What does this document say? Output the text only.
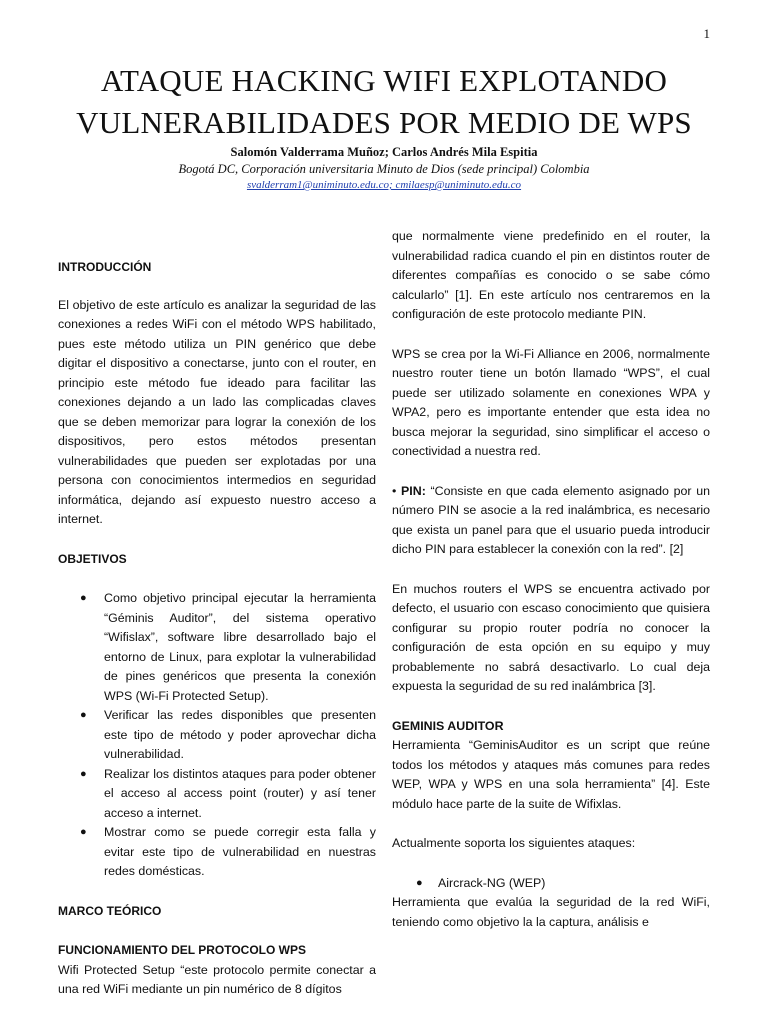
1
ATAQUE HACKING WIFI EXPLOTANDO VULNERABILIDADES POR MEDIO DE WPS
Salomón Valderrama Muñoz; Carlos Andrés Mila Espitia
Bogotá DC, Corporación universitaria Minuto de Dios (sede principal) Colombia
svalderram1@uniminuto.edu.co; cmilaesp@uniminuto.edu.co

INTRODUCCIÓN

El objetivo de este artículo es analizar la seguridad de las conexiones a redes WiFi con el método WPS habilitado, pues este método utiliza un PIN genérico que debe digitar el dispositivo a conectarse, junto con el router, en principio este método fue ideado para facilitar las conexiones dejando a un lado las complicadas claves que se deben memorizar para lograr la conexión de los dispositivos, pero estos métodos presentan vulnerabilidades que pueden ser explotadas por una persona con conocimientos intermedios en seguridad informática, dejando así expuesto nuestro acceso a internet.

OBJETIVOS

● Como objetivo principal ejecutar la herramienta “Géminis Auditor”, del sistema operativo “Wifislax”, software libre desarrollado bajo el entorno de Linux, para explotar la vulnerabilidad de pines genéricos que presenta la conexión WPS (Wi-Fi Protected Setup).
● Verificar las redes disponibles que presenten este tipo de método y poder aprovechar dicha vulnerabilidad.
● Realizar los distintos ataques para poder obtener el acceso al access point (router) y así tener acceso a internet.
● Mostrar como se puede corregir esta falla y evitar este tipo de vulnerabilidad en nuestras redes domésticas.

MARCO TEÓRICO

FUNCIONAMIENTO DEL PROTOCOLO WPS

Wifi Protected Setup “este protocolo permite conectar a una red WiFi mediante un pin numérico de 8 dígitos

que normalmente viene predefinido en el router, la vulnerabilidad radica cuando el pin en distintos router de diferentes compañías es conocido o se sabe cómo calcularlo” [1]. En este artículo nos centraremos en la configuración de este protocolo mediante PIN.

WPS se crea por la Wi-Fi Alliance en 2006, normalmente nuestro router tiene un botón llamado “WPS”, el cual puede ser utilizado solamente en conexiones WPA y WPA2, pero es importante entender que esta idea no busca mejorar la seguridad, sino simplificar el acceso o conectividad a nuestra red.

• PIN: “Consiste en que cada elemento asignado por un número PIN se asocie a la red inalámbrica, es necesario que exista un panel para que el usuario pueda introducir dicho PIN para establecer la conexión con la red”. [2]

En muchos routers el WPS se encuentra activado por defecto, el usuario con escaso conocimiento que quisiera configurar su propio router podría no conocer la configuración de esta opción en su equipo y muy probablemente no sabrá desactivarlo. Lo cual deja expuesta la seguridad de su red inalámbrica [3].

GEMINIS AUDITOR

Herramienta “GeminisAuditor es un script que reúne todos los métodos y ataques más comunes para redes WEP, WPA y WPS en una sola herramienta” [4]. Este módulo hace parte de la suite de Wifixlas.

Actualmente soporta los siguientes ataques:

● Aircrack-NG (WEP)

Herramienta que evalúa la seguridad de la red WiFi, teniendo como objetivo la la captura, análisis e
